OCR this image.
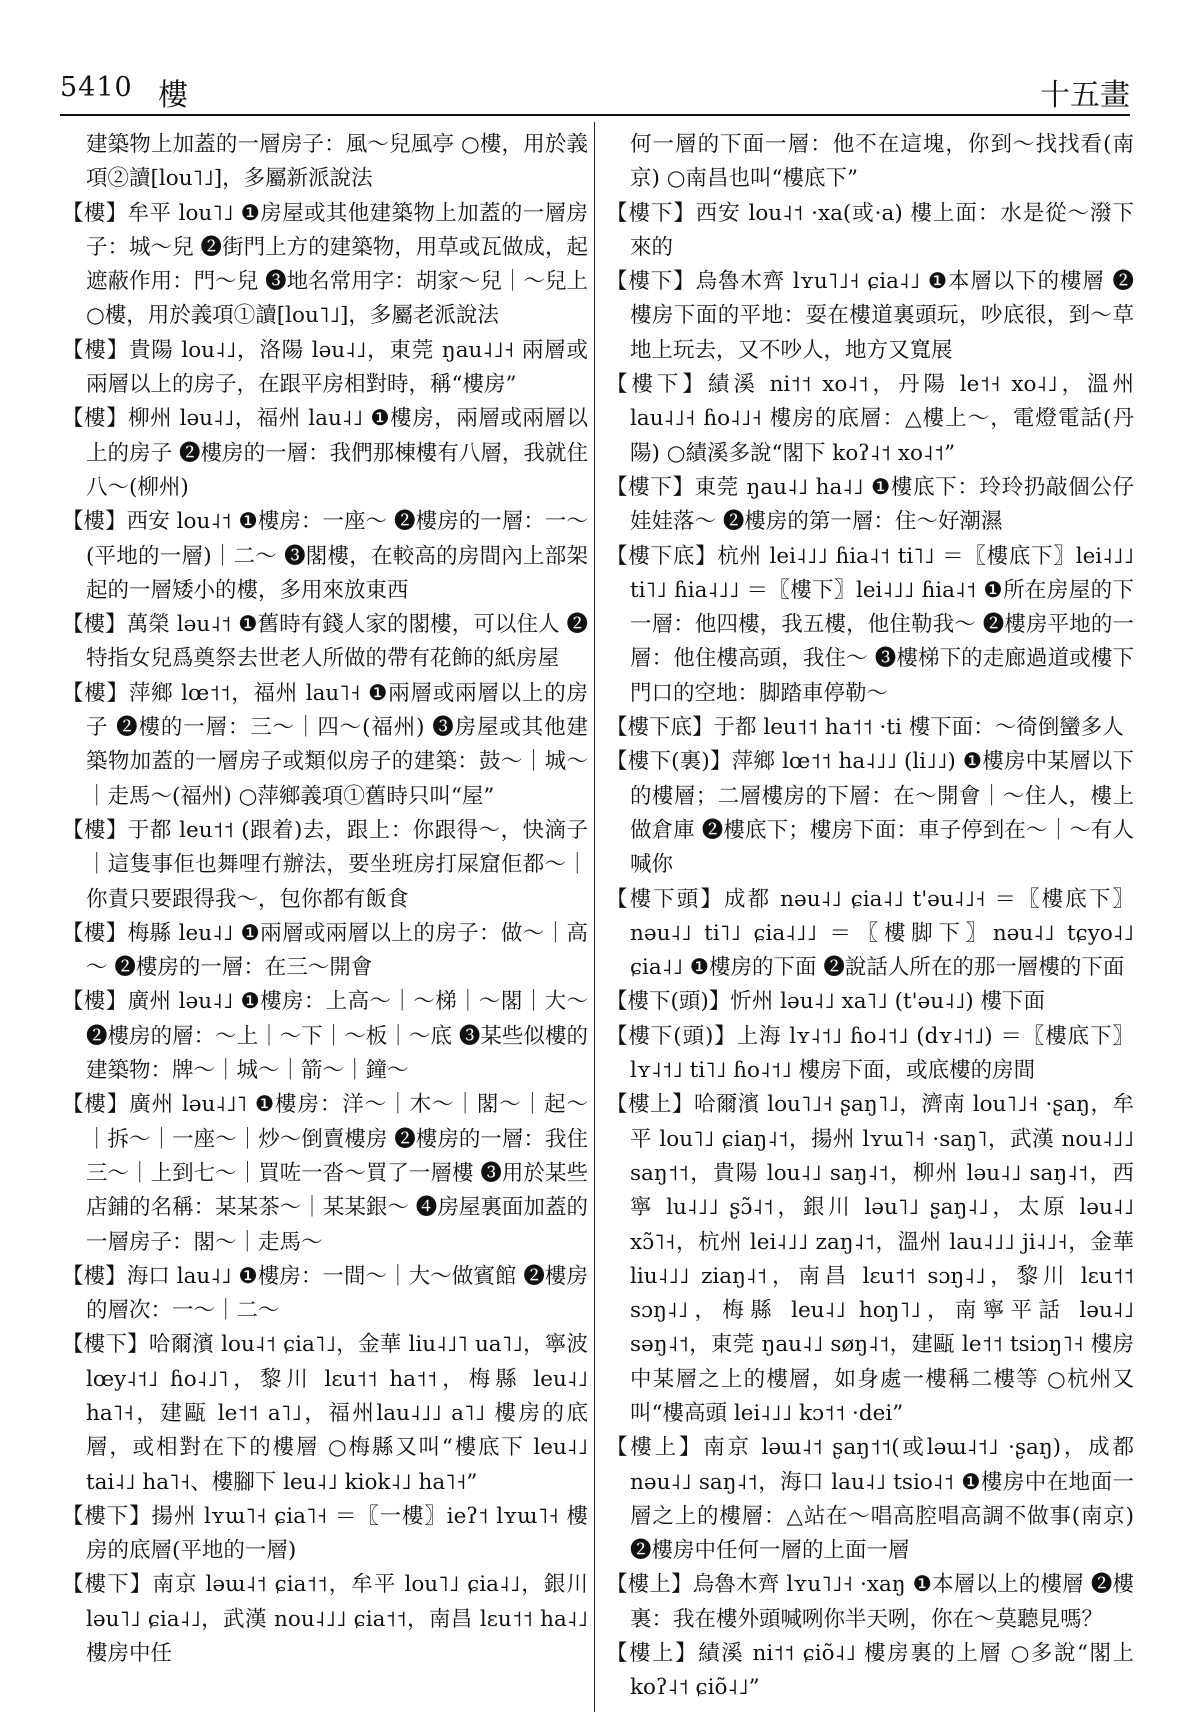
5410 樓	十五畫
建築物上加蓋的一層房子：風～兒風亭 ○樓，用於義項②讀[lou˥˩]，多屬新派說法
【樓】牟平 lou˥˩ ❶房屋或其他建築物上加蓋的一層房子：城～兒 ❷街門上方的建築物，用草或瓦做成，起遮蔽作用：門～兒 ❸地名常用字：胡家～兒｜～兒上 ○樓，用於義項①讀[lou˥˩]，多屬老派說法
【樓】貴陽 lou˨˩，洛陽 ləu˨˩，東莞 ŋau˨˩˧ 兩層或兩層以上的房子，在跟平房相對時，稱“樓房”
【樓】柳州 ləu˨˩，福州 lau˨˩ ❶樓房，兩層或兩層以上的房子 ❷樓房的一層：我們那棟樓有八層，我就住八～(柳州)
【樓】西安 lou˨˦ ❶樓房：一座～ ❷樓房的一層：一～(平地的一層)｜二～ ❸閣樓，在較高的房間內上部架起的一層矮小的樓，多用來放東西
【樓】萬榮 ləu˨˦ ❶舊時有錢人家的閣樓，可以住人 ❷特指女兒爲奠祭去世老人所做的帶有花飾的紙房屋
【樓】萍鄉 lœ˦˦，福州 lau˥˧ ❶兩層或兩層以上的房子 ❷樓的一層：三～｜四～(福州) ❸房屋或其他建築物加蓋的一層房子或類似房子的建築：鼓～｜城～｜走馬～(福州) ○萍鄉義項①舊時只叫“屋”
【樓】于都 leu˦˦ (跟着)去，跟上：你跟得～，快滴子｜這隻事佢也舞哩冇辦法，要坐班房打屎窟佢都～｜你責只要跟得我～，包你都有飯食
【樓】梅縣 leu˨˩ ❶兩層或兩層以上的房子：做～｜高～ ❷樓房的一層：在三～開會
【樓】廣州 ləu˨˩ ❶樓房：上高～｜～梯｜～閣｜大～ ❷樓房的層：～上｜～下｜～板｜～底 ❸某些似樓的建築物：牌～｜城～｜箭～｜鐘～
【樓】廣州 ləu˨˩˥ ❶樓房：洋～｜木～｜閣～｜起～｜拆～｜一座～｜炒～倒賣樓房 ❷樓房的一層：我住三～｜上到七～｜買咗一沓～買了一層樓 ❸用於某些店鋪的名稱：某某茶～｜某某銀～ ❹房屋裏面加蓋的一層房子：閣～｜走馬～
【樓】海口 lau˨˩ ❶樓房：一間～｜大～做賓館 ❷樓房的層次：一～｜二～
【樓下】哈爾濱 lou˨˦ ɕia˥˩，金華 liu˨˩˥ ua˥˩，寧波 lœy˨˦˩ ɦo˨˩˥，黎川 lɛu˦˦ ha˦˦，梅縣 leu˨˩ ha˥˧，建甌 le˦˦ a˥˩，福州lau˨˩˩ a˥˩ 樓房的底層，或相對在下的樓層 ○梅縣又叫“樓底下 leu˨˩ tai˨˩ ha˥˧、樓腳下 leu˨˩ kiok˨˩ ha˥˧”
【樓下】揚州 lʏɯ˥˧ ɕia˥˧ ＝〖一樓〗ieʔ˦ lʏɯ˥˧ 樓房的底層(平地的一層)
【樓下】南京 ləɯ˨˦ ɕia˦˦，牟平 lou˥˩ ɕia˨˩，銀川 ləu˥˩ ɕia˨˩，武漢 nou˨˩˩ ɕia˦˦，南昌 lɛu˦˦ ha˨˩ 樓房中任
何一層的下面一層：他不在這塊，你到～找找看(南京) ○南昌也叫“樓底下”
【樓下】西安 lou˨˦ ·xa(或·a) 樓上面：水是從～潑下來的
【樓下】烏魯木齊 lʏu˥˩˧ ɕia˨˩ ❶本層以下的樓層 ❷樓房下面的平地：耍在樓道裏頭玩，吵底很，到～草地上玩去，又不吵人，地方又寬展
【樓下】績溪 ni˦˦ xo˨˦，丹陽 le˦˧ xo˨˩，溫州 lau˨˩˧ ɦo˨˩˧ 樓房的底層：△樓上～，電燈電話(丹陽) ○績溪多說“閣下 koʔ˨˦ xo˨˦”
【樓下】東莞 ŋau˨˩ ha˨˩ ❶樓底下：玲玲扔敲個公仔娃娃落～ ❷樓房的第一層：住～好潮濕
【樓下底】杭州 lei˨˩˩ ɦia˨˦ ti˥˩ ＝〖樓底下〗lei˨˩˩ ti˥˩ ɦia˨˩˩ ＝〖樓下〗lei˨˩˩ ɦia˨˦ ❶所在房屋的下一層：他四樓，我五樓，他住勒我～ ❷樓房平地的一層：他住樓高頭，我住～ ❸樓梯下的走廊過道或樓下門口的空地：脚踏車停勒～
【樓下底】于都 leu˦˦ ha˦˦ ·ti 樓下面：～徛倒蠻多人
【樓下(裏)】萍鄉 lœ˦˦ ha˨˩˩ (li˩˩) ❶樓房中某層以下的樓層；二層樓房的下層：在～開會｜～住人，樓上做倉庫 ❷樓底下；樓房下面：車子停到在～｜～有人喊你
【樓下頭】成都 nəu˨˩ ɕia˨˩ t'əu˨˩˧ ＝〖樓底下〗nəu˨˩ ti˥˩ ɕia˨˩˩ ＝〖樓脚下〗nəu˨˩ tɕyo˨˩ ɕia˨˩ ❶樓房的下面 ❷說話人所在的那一層樓的下面
【樓下(頭)】忻州 ləu˨˩ xa˥˩ (t'əu˨˩) 樓下面
【樓下(頭)】上海 lʏ˨˦˩ ɦo˨˦˩ (dʏ˨˦˩) ＝〖樓底下〗lʏ˨˦˩ ti˥˩ ɦo˨˦˩ 樓房下面，或底樓的房間
【樓上】哈爾濱 lou˥˩˧ ʂaŋ˥˩，濟南 lou˥˩˧ ·ʂaŋ，牟平 lou˥˩ ɕiaŋ˨˦，揚州 lʏɯ˥˧ ·saŋ˥，武漢 nou˨˩˩ saŋ˦˦，貴陽 lou˨˩ saŋ˨˦，柳州 ləu˨˩ saŋ˨˦，西寧 lu˨˩˩ ʂɔ̃˨˦，銀川 ləu˥˩ ʂaŋ˨˩，太原 ləu˨˩ xɔ̃˥˧，杭州 lei˨˩˩ zaŋ˨˦，溫州 lau˨˩˩ ji˨˩˧，金華 liu˨˩˩ ziaŋ˨˦，南昌 lɛu˦˦ sɔŋ˨˩，黎川 lɛu˦˦ sɔŋ˨˩，梅縣 leu˨˩ hoŋ˥˩，南寧平話 ləu˨˩ səŋ˨˦，東莞 ŋau˨˩ søŋ˨˦，建甌 le˦˦ tsiɔŋ˥˧ 樓房中某層之上的樓層，如身處一樓稱二樓等 ○杭州又叫“樓高頭 lei˨˩˩ kɔ˦˦ ·dei”
【樓上】南京 ləɯ˨˦ ʂaŋ˦˦(或ləɯ˨˦˩ ·ʂaŋ)，成都 nəu˨˩ saŋ˨˦，海口 lau˨˩ tsio˨˦ ❶樓房中在地面一層之上的樓層：△站在～唱高腔唱高調不做事(南京) ❷樓房中任何一層的上面一層
【樓上】烏魯木齊 lʏu˥˩˧ ·xaŋ ❶本層以上的樓層 ❷樓裏：我在樓外頭喊咧你半天咧，你在～莫聽見嗎？
【樓上】績溪 ni˦˦ ɕiõ˨˩ 樓房裏的上層 ○多說“閣上 koʔ˨˦ ɕiõ˨˩”
